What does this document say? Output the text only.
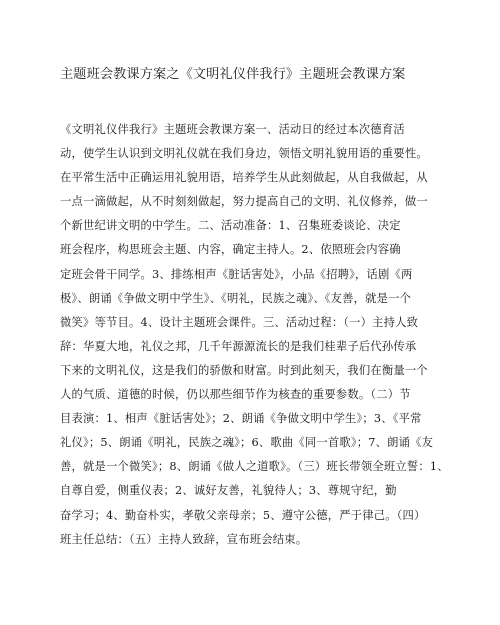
主题班会教课方案之《文明礼仪伴我行》主题班会教课方案
《文明礼仪伴我行》主题班会教课方案一、活动日的经过本次德育活
动，使学生认识到文明礼仪就在我们身边，领悟文明礼貌用语的重要性。
在平常生活中正确运用礼貌用语，培养学生从此刻做起，从自我做起，从
一点一滴做起，从不时刻刻做起，努力提高自己的文明、礼仪修养，做一
个新世纪讲文明的中学生。二、活动准备：1、召集班委谈论、决定
班会程序，构思班会主题、内容，确定主持人。2、依照班会内容确
定班会骨干同学。3、排练相声《脏话害处》，小品《招聘》，话剧《两
极》、朗诵《争做文明中学生》、《明礼，民族之魂》、《友善，就是一个
微笑》等节目。4、设计主题班会课件。三、活动过程：（一）主持人致
辞：华夏大地，礼仪之邦，几千年源源流长的是我们桂辈子后代孙传承
下来的文明礼仪，这是我们的骄傲和财富。时到此刻天，我们在衡量一个
人的气质、道德的时候，仍以那些细节作为核查的重要参数。（二）节
目表演：1、相声《脏话害处》；2、朗诵《争做文明中学生》；3、《平常
礼仪》；5、朗诵《明礼，民族之魂》；6、歌曲《同一首歌》；7、朗诵《友
善，就是一个微笑》；8、朗诵《做人之道歌》。（三）班长带领全班立誓：1、
自尊自爱，侧重仪表；2、诚好友善，礼貌待人；3、尊规守纪，勤
奋学习；4、勤奋朴实，孝敬父亲母亲；5、遵守公德，严于律己。（四）
班主任总结：（五）主持人致辞，宣布班会结束。
